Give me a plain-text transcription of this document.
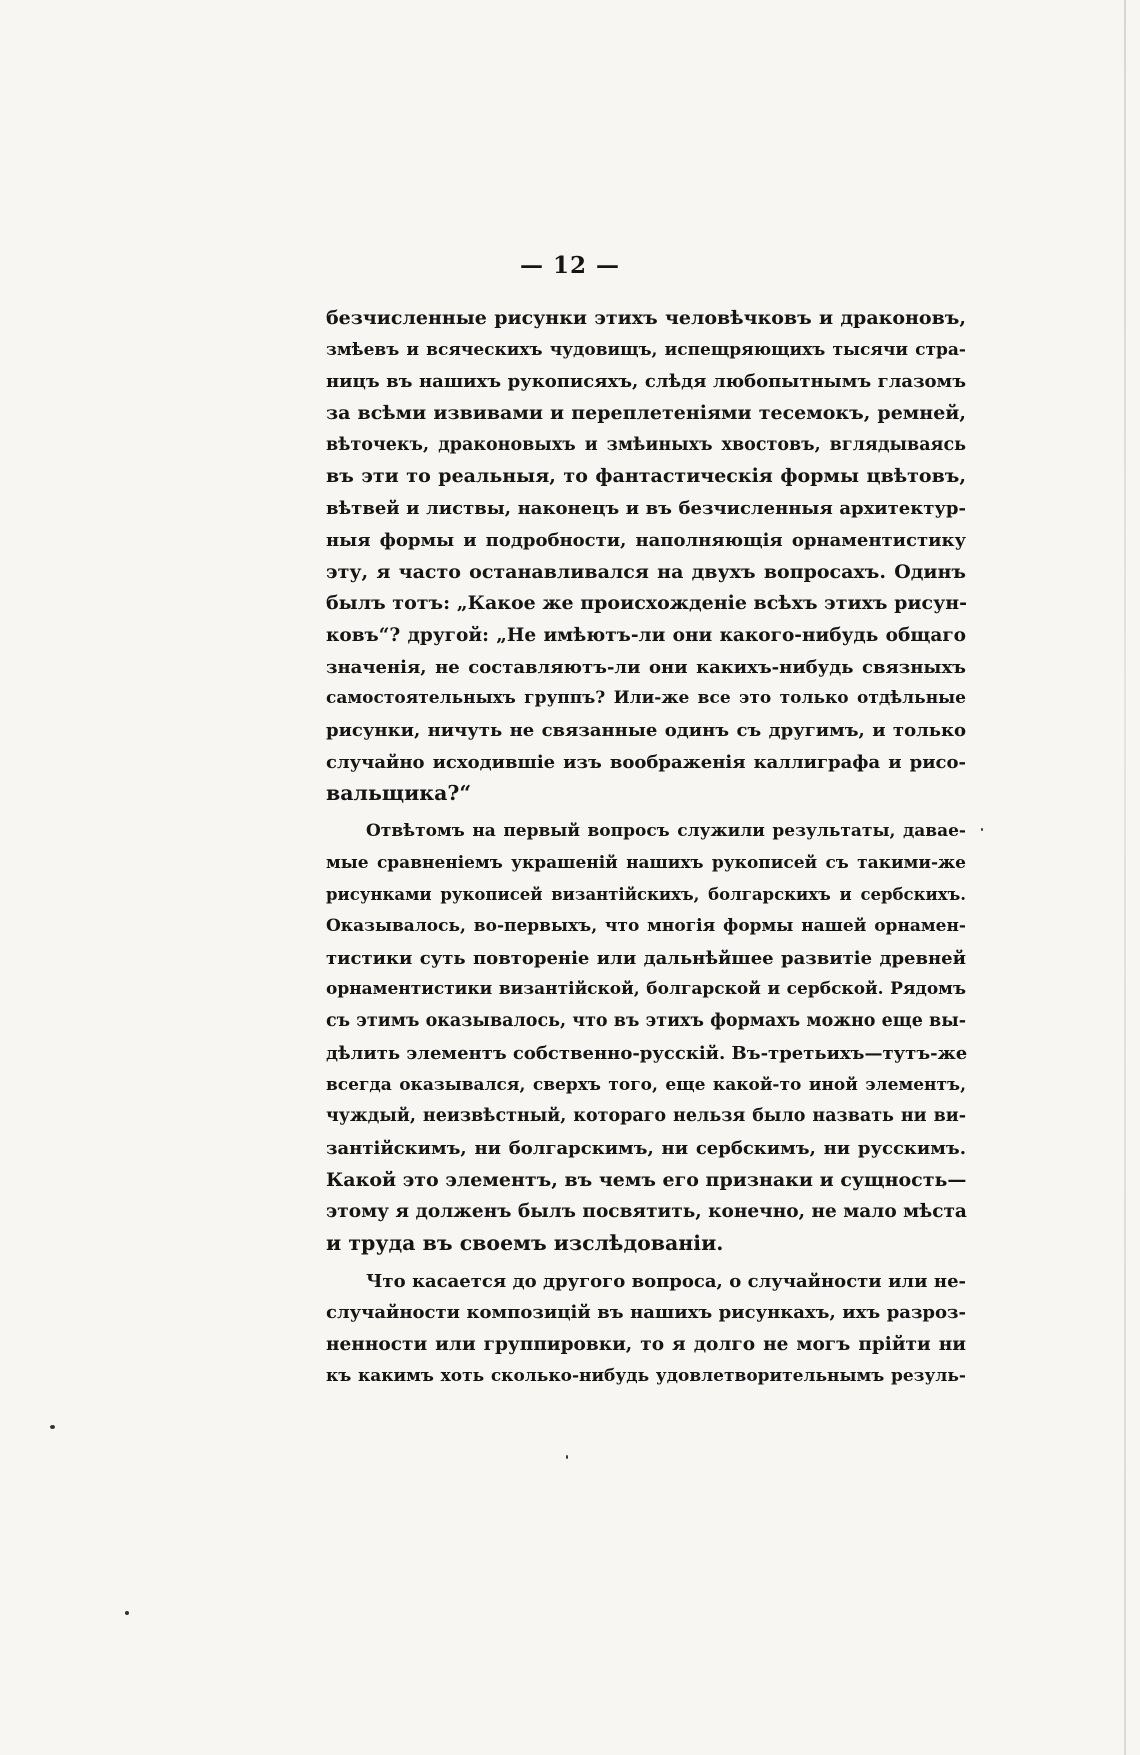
— 12 —
безчисленные рисунки этихъ человѣчковъ и драконовъ,
змѣевъ и всяческихъ чудовищъ, испещряющихъ тысячи стра-
ницъ въ нашихъ рукописяхъ, слѣдя любопытнымъ глазомъ
за всѣми извивами и переплетеніями тесемокъ, ремней,
вѣточекъ, драконовыхъ и змѣиныхъ хвостовъ, вглядываясь
въ эти то реальныя, то фантастическія формы цвѣтовъ,
вѣтвей и листвы, наконецъ и въ безчисленныя архитектур-
ныя формы и подробности, наполняющія орнаментистику
эту, я часто останавливался на двухъ вопросахъ. Одинъ
былъ тотъ: „Какое же происхожденіе всѣхъ этихъ рисун-
ковъ“? другой: „Не имѣютъ-ли они какого-нибудь общаго
значенія, не составляютъ-ли они какихъ-нибудь связныхъ
самостоятельныхъ группъ? Или-же все это только отдѣльные
рисунки, ничуть не связанные одинъ съ другимъ, и только
случайно исходившіе изъ воображенія каллиграфа и рисо-
вальщика?“
Отвѣтомъ на первый вопросъ служили результаты, давае-
мые сравненіемъ украшеній нашихъ рукописей съ такими-же
рисунками рукописей византійскихъ, болгарскихъ и сербскихъ.
Оказывалось, во-первыхъ, что многія формы нашей орнамен-
тистики суть повтореніе или дальнѣйшее развитіе древней
орнаментистики византійской, болгарской и сербской. Рядомъ
съ этимъ оказывалось, что въ этихъ формахъ можно еще вы-
дѣлить элементъ собственно-русскій. Въ-третьихъ—тутъ-же
всегда оказывался, сверхъ того, еще какой-то иной элементъ,
чуждый, неизвѣстный, котораго нельзя было назвать ни ви-
зантійскимъ, ни болгарскимъ, ни сербскимъ, ни русскимъ.
Какой это элементъ, въ чемъ его признаки и сущность—
этому я долженъ былъ посвятить, конечно, не мало мѣста
и труда въ своемъ изслѣдованіи.
Что касается до другого вопроса, о случайности или не-
случайности композицій въ нашихъ рисункахъ, ихъ разроз-
ненности или группировки, то я долго не могъ прійти ни
къ какимъ хоть сколько-нибудь удовлетворительнымъ резуль-
